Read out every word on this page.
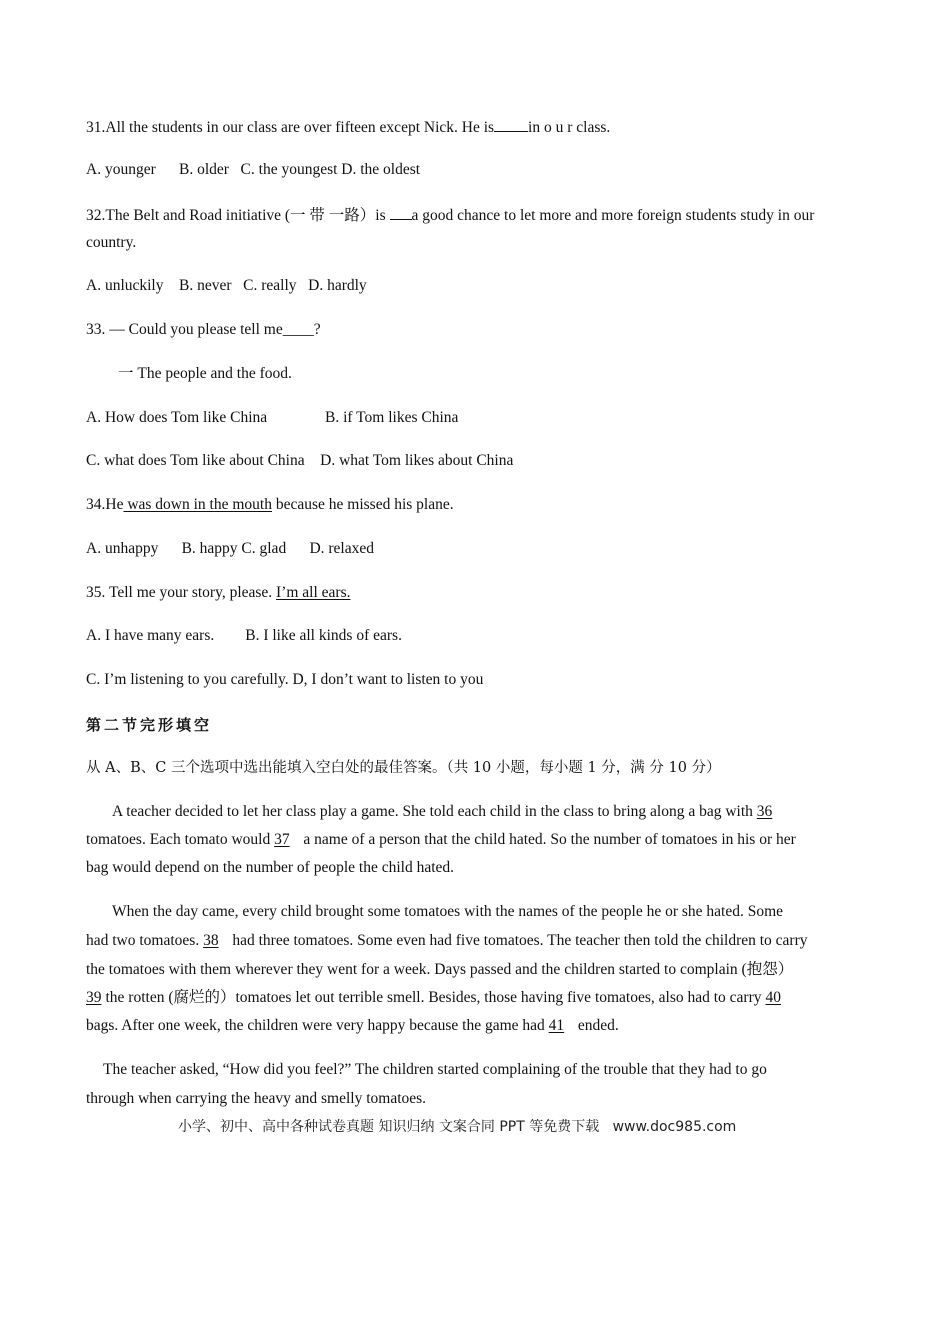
31.All the students in our class are over fifteen except Nick. He is in o u r class.
A. younger      B. older   C. the youngest D. the oldest
32.The Belt and Road initiative (一 带 一路）is a good chance to let more and more foreign students study in our
country.
A. unluckily    B. never   C. really   D. hardly
33. — Could you please tell me____?
一 The people and the food.
A. How does Tom like China	B. if Tom likes China
C. what does Tom like about China    D. what Tom likes about China
34.He was down in the mouth because he missed his plane.
A. unhappy      B. happy C. glad      D. relaxed
35. Tell me your story, please. I’m all ears.
A. I have many ears.        B. I like all kinds of ears.
C. I’m listening to you carefully. D, I don’t want to listen to you
第二节完形填空
从 A、B、C 三个选项中选出能填入空白处的最佳答案。（共 10 小题，每小题 1 分，满 分 10 分）
A teacher decided to let her class play a game. She told each child in the class to bring along a bag with 36
tomatoes. Each tomato would 37  a name of a person that the child hated. So the number of tomatoes in his or her
bag would depend on the number of people the child hated.
When the day came, every child brought some tomatoes with the names of the people he or she hated. Some
had two tomatoes. 38  had three tomatoes. Some even had five tomatoes. The teacher then told the children to carry
the tomatoes with them wherever they went for a week. Days passed and the children started to complain (抱怨）
39 the rotten (腐烂的）tomatoes let out terrible smell. Besides, those having five tomatoes, also had to carry 40
bags. After one week, the children were very happy because the game had 41  ended.
The teacher asked, “How did you feel?” The children started complaining of the trouble that they had to go
through when carrying the heavy and smelly tomatoes.
小学、初中、高中各种试卷真题 知识归纳 文案合同 PPT 等免费下载   www.doc985.com
